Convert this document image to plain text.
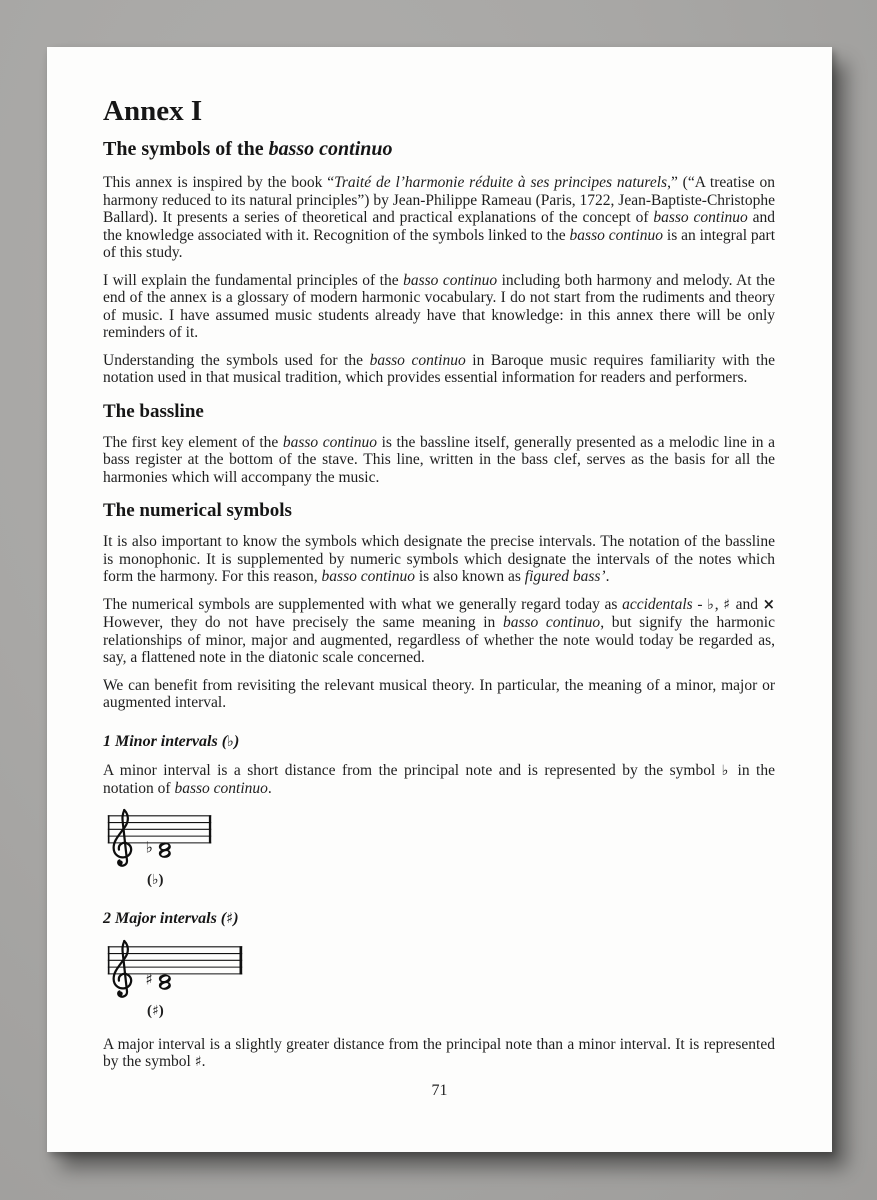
Annex I
The symbols of the basso continuo

This annex is inspired by the book “Traité de l’harmonie réduite à ses principes naturels,” (“A treatise on harmony reduced to its natural principles”) by Jean-Philippe Rameau (Paris, 1722, Jean-Baptiste-Christophe Ballard). It presents a series of theoretical and practical explanations of the concept of basso continuo and the knowledge associated with it. Recognition of the symbols linked to the basso continuo is an integral part of this study.

I will explain the fundamental principles of the basso continuo including both harmony and melody. At the end of the annex is a glossary of modern harmonic vocabulary. I do not start from the rudiments and theory of music. I have assumed music students already have that knowledge: in this annex there will be only reminders of it.

Understanding the symbols used for the basso continuo in Baroque music requires familiarity with the notation used in that musical tradition, which provides essential information for readers and performers.

The bassline

The first key element of the basso continuo is the bassline itself, generally presented as a melodic line in a bass register at the bottom of the stave. This line, written in the bass clef, serves as the basis for all the harmonies which will accompany the music.

The numerical symbols

It is also important to know the symbols which designate the precise intervals. The notation of the bassline is monophonic. It is supplemented by numeric symbols which designate the intervals of the notes which form the harmony. For this reason, basso continuo is also known as figured bass’.

The numerical symbols are supplemented with what we generally regard today as accidentals - ♭, ♯ and × However, they do not have precisely the same meaning in basso continuo, but signify the harmonic relationships of minor, major and augmented, regardless of whether the note would today be regarded as, say, a flattened note in the diatonic scale concerned.

We can benefit from revisiting the relevant musical theory. In particular, the meaning of a minor, major or augmented interval.

1 Minor intervals (♭)

A minor interval is a short distance from the principal note and is represented by the symbol ♭ in the notation of basso continuo.

♭
(♭)
2 Major intervals (♯)
♯
(♯)

A major interval is a slightly greater distance from the principal note than a minor interval. It is represented by the symbol ♯.

71
